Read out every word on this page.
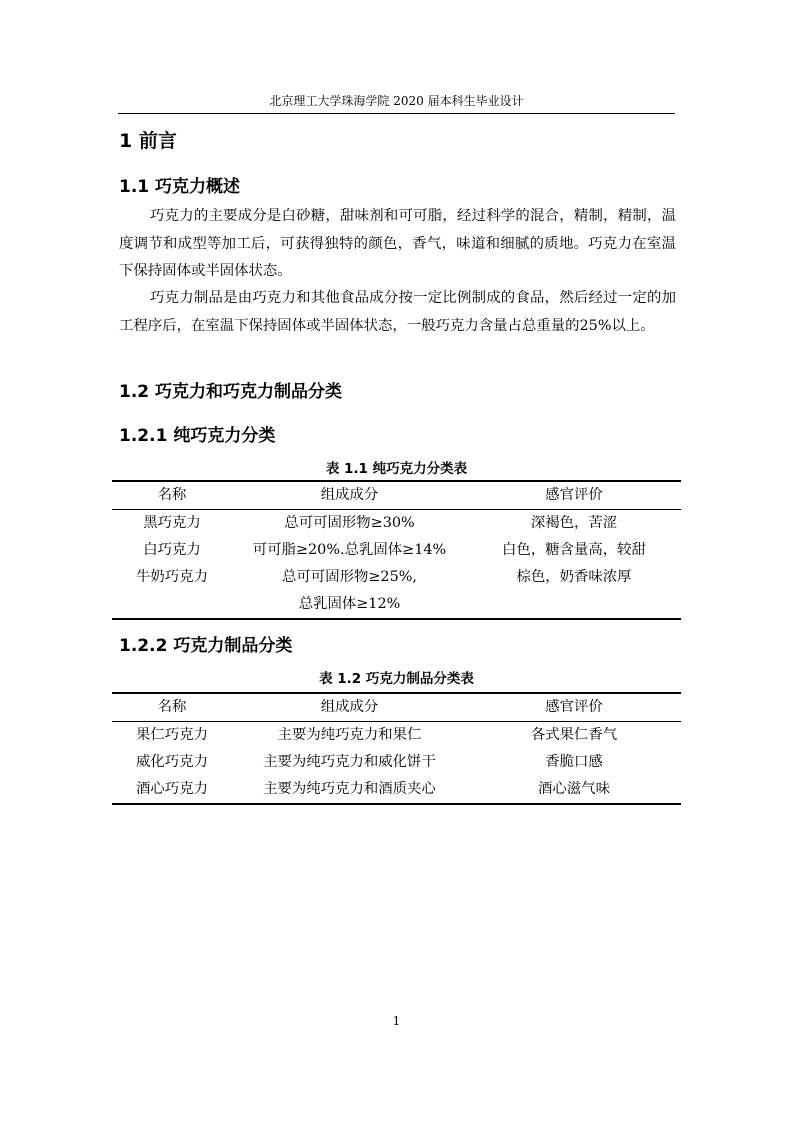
北京理工大学珠海学院 2020 届本科生毕业设计
1 前言
1.1 巧克力概述
巧克力的主要成分是白砂糖，甜味剂和可可脂，经过科学的混合，精制，精制，温度调节和成型等加工后，可获得独特的颜色，香气，味道和细腻的质地。巧克力在室温下保持固体或半固体状态。
巧克力制品是由巧克力和其他食品成分按一定比例制成的食品，然后经过一定的加工程序后，在室温下保持固体或半固体状态，一般巧克力含量占总重量的25%以上。
1.2 巧克力和巧克力制品分类
1.2.1 纯巧克力分类
表 1.1 纯巧克力分类表
名称	组成成分	感官评价
黑巧克力	总可可固形物≥30%	深褐色，苦涩
白巧克力	可可脂≥20%.总乳固体≥14%	白色，糖含量高，较甜
牛奶巧克力	总可可固形物≥25%,	棕色，奶香味浓厚
	总乳固体≥12%	
1.2.2 巧克力制品分类
表 1.2 巧克力制品分类表
名称	组成成分	感官评价
果仁巧克力	主要为纯巧克力和果仁	各式果仁香气
威化巧克力	主要为纯巧克力和威化饼干	香脆口感
酒心巧克力	主要为纯巧克力和酒质夹心	酒心滋气味
1
